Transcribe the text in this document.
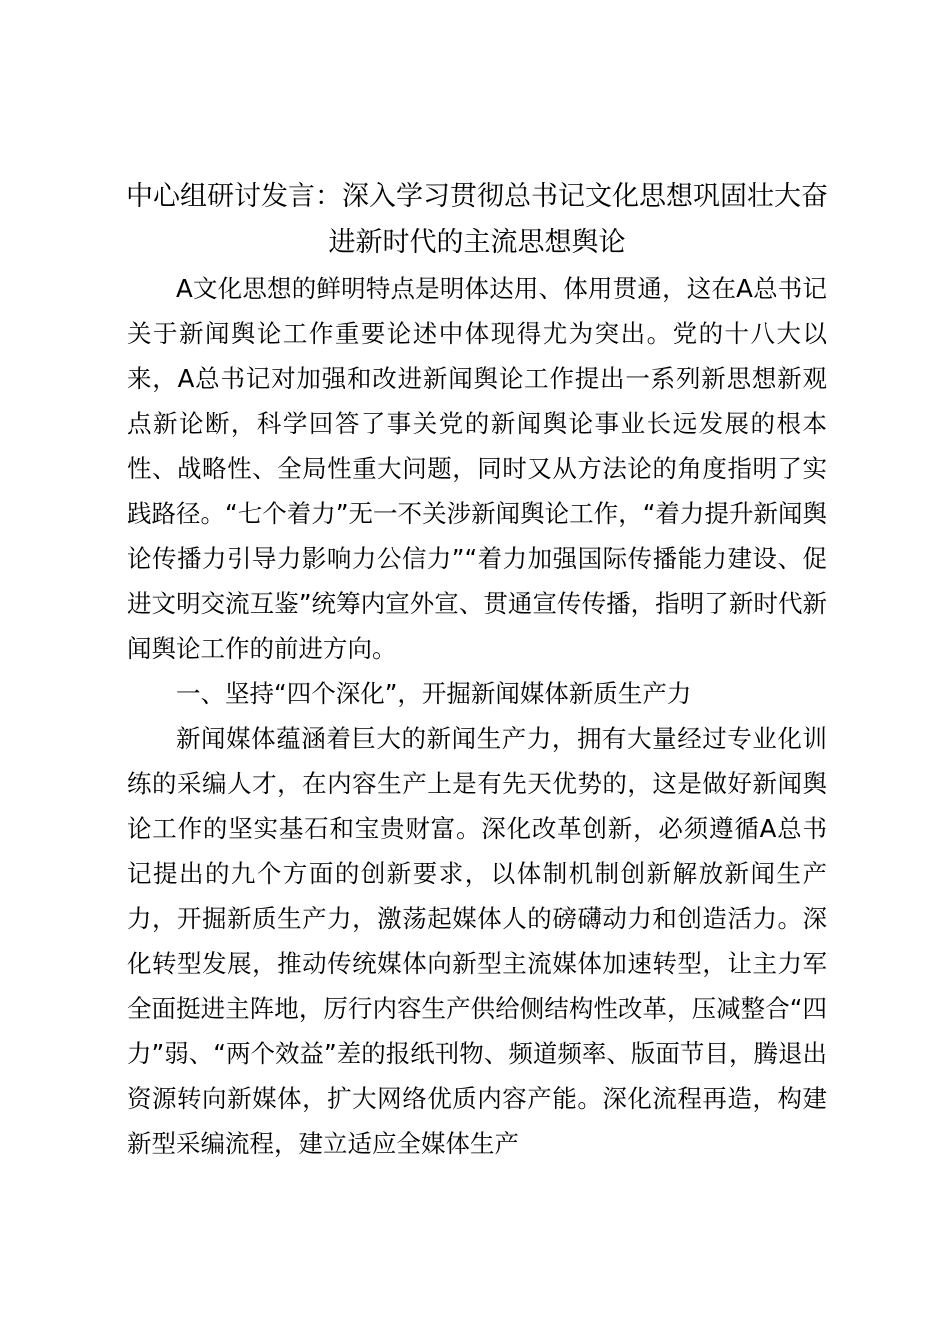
中心组研讨发言：深入学习贯彻总书记文化思想巩固壮大奋进新时代的主流思想舆论

A文化思想的鲜明特点是明体达用、体用贯通，这在A总书记关于新闻舆论工作重要论述中体现得尤为突出。党的十八大以来，A总书记对加强和改进新闻舆论工作提出一系列新思想新观点新论断，科学回答了事关党的新闻舆论事业长远发展的根本性、战略性、全局性重大问题，同时又从方法论的角度指明了实践路径。“七个着力”无一不关涉新闻舆论工作，“着力提升新闻舆论传播力引导力影响力公信力”“着力加强国际传播能力建设、促进文明交流互鉴”统筹内宣外宣、贯通宣传传播，指明了新时代新闻舆论工作的前进方向。

一、坚持“四个深化”，开掘新闻媒体新质生产力

新闻媒体蕴涵着巨大的新闻生产力，拥有大量经过专业化训练的采编人才，在内容生产上是有先天优势的，这是做好新闻舆论工作的坚实基石和宝贵财富。深化改革创新，必须遵循A总书记提出的九个方面的创新要求，以体制机制创新解放新闻生产力，开掘新质生产力，激荡起媒体人的磅礴动力和创造活力。深化转型发展，推动传统媒体向新型主流媒体加速转型，让主力军全面挺进主阵地，厉行内容生产供给侧结构性改革，压减整合“四力”弱、“两个效益”差的报纸刊物、频道频率、版面节目，腾退出资源转向新媒体，扩大网络优质内容产能。深化流程再造，构建新型采编流程，建立适应全媒体生产
